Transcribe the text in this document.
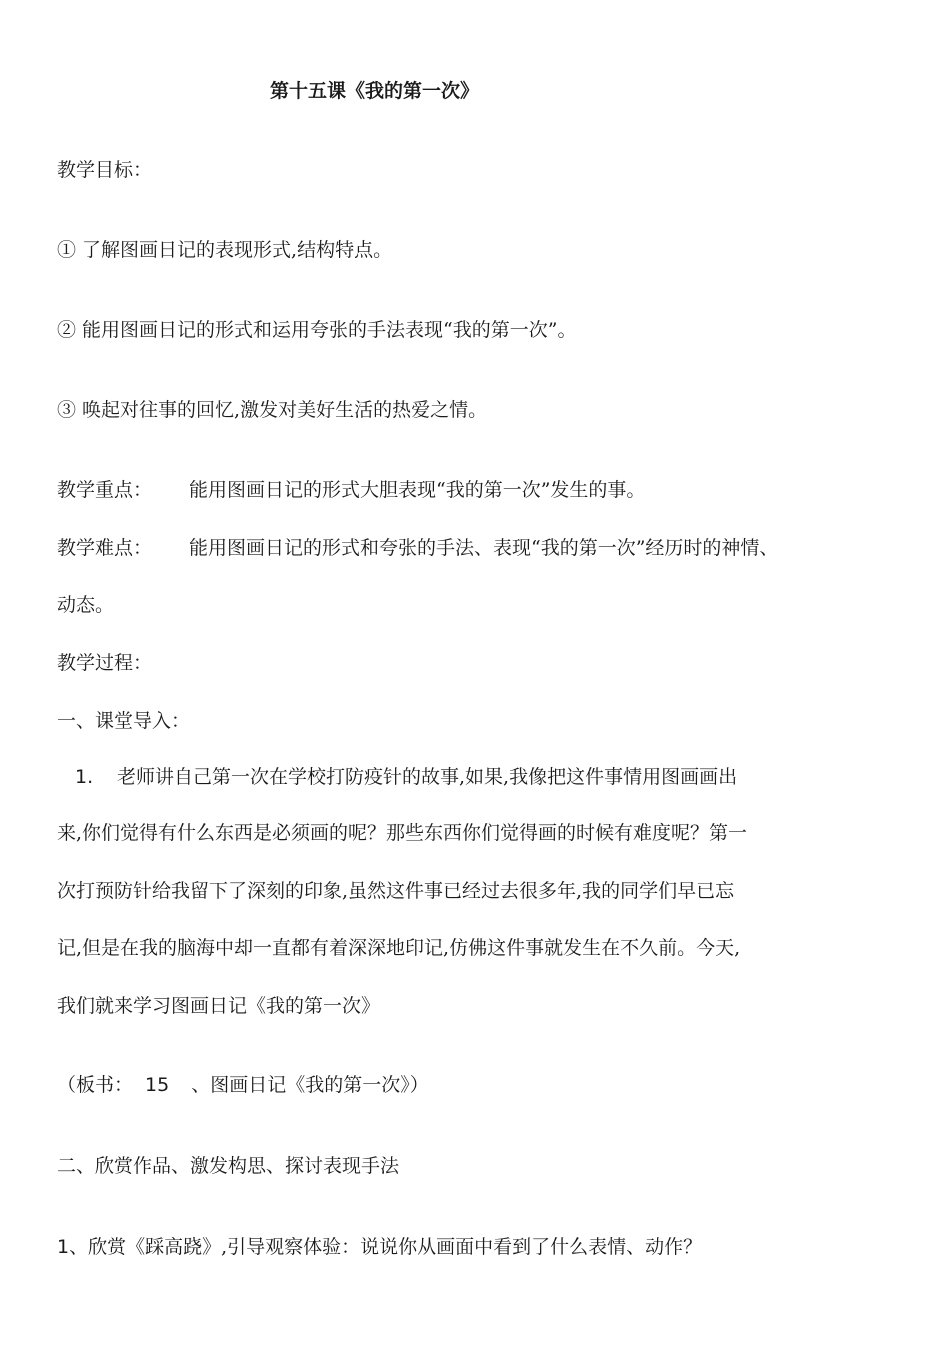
第十五课《我的第一次》
教学目标：
① 了解图画日记的表现形式,结构特点。
② 能用图画日记的形式和运用夸张的手法表现“我的第一次”。
③ 唤起对往事的回忆,激发对美好生活的热爱之情。
教学重点： 能用图画日记的形式大胆表现“我的第一次”发生的事。
教学难点： 能用图画日记的形式和夸张的手法、表现“我的第一次”经历时的神情、
动态。
教学过程：
一、课堂导入：
1. 老师讲自己第一次在学校打防疫针的故事,如果,我像把这件事情用图画画出
来,你们觉得有什么东西是必须画的呢？那些东西你们觉得画的时候有难度呢？第一
次打预防针给我留下了深刻的印象,虽然这件事已经过去很多年,我的同学们早已忘
记,但是在我的脑海中却一直都有着深深地印记,仿佛这件事就发生在不久前。今天,
我们就来学习图画日记《我的第一次》
（板书： 15 、图画日记《我的第一次》）
二、欣赏作品、激发构思、探讨表现手法
1、欣赏《踩高跷》,引导观察体验：说说你从画面中看到了什么表情、动作？
